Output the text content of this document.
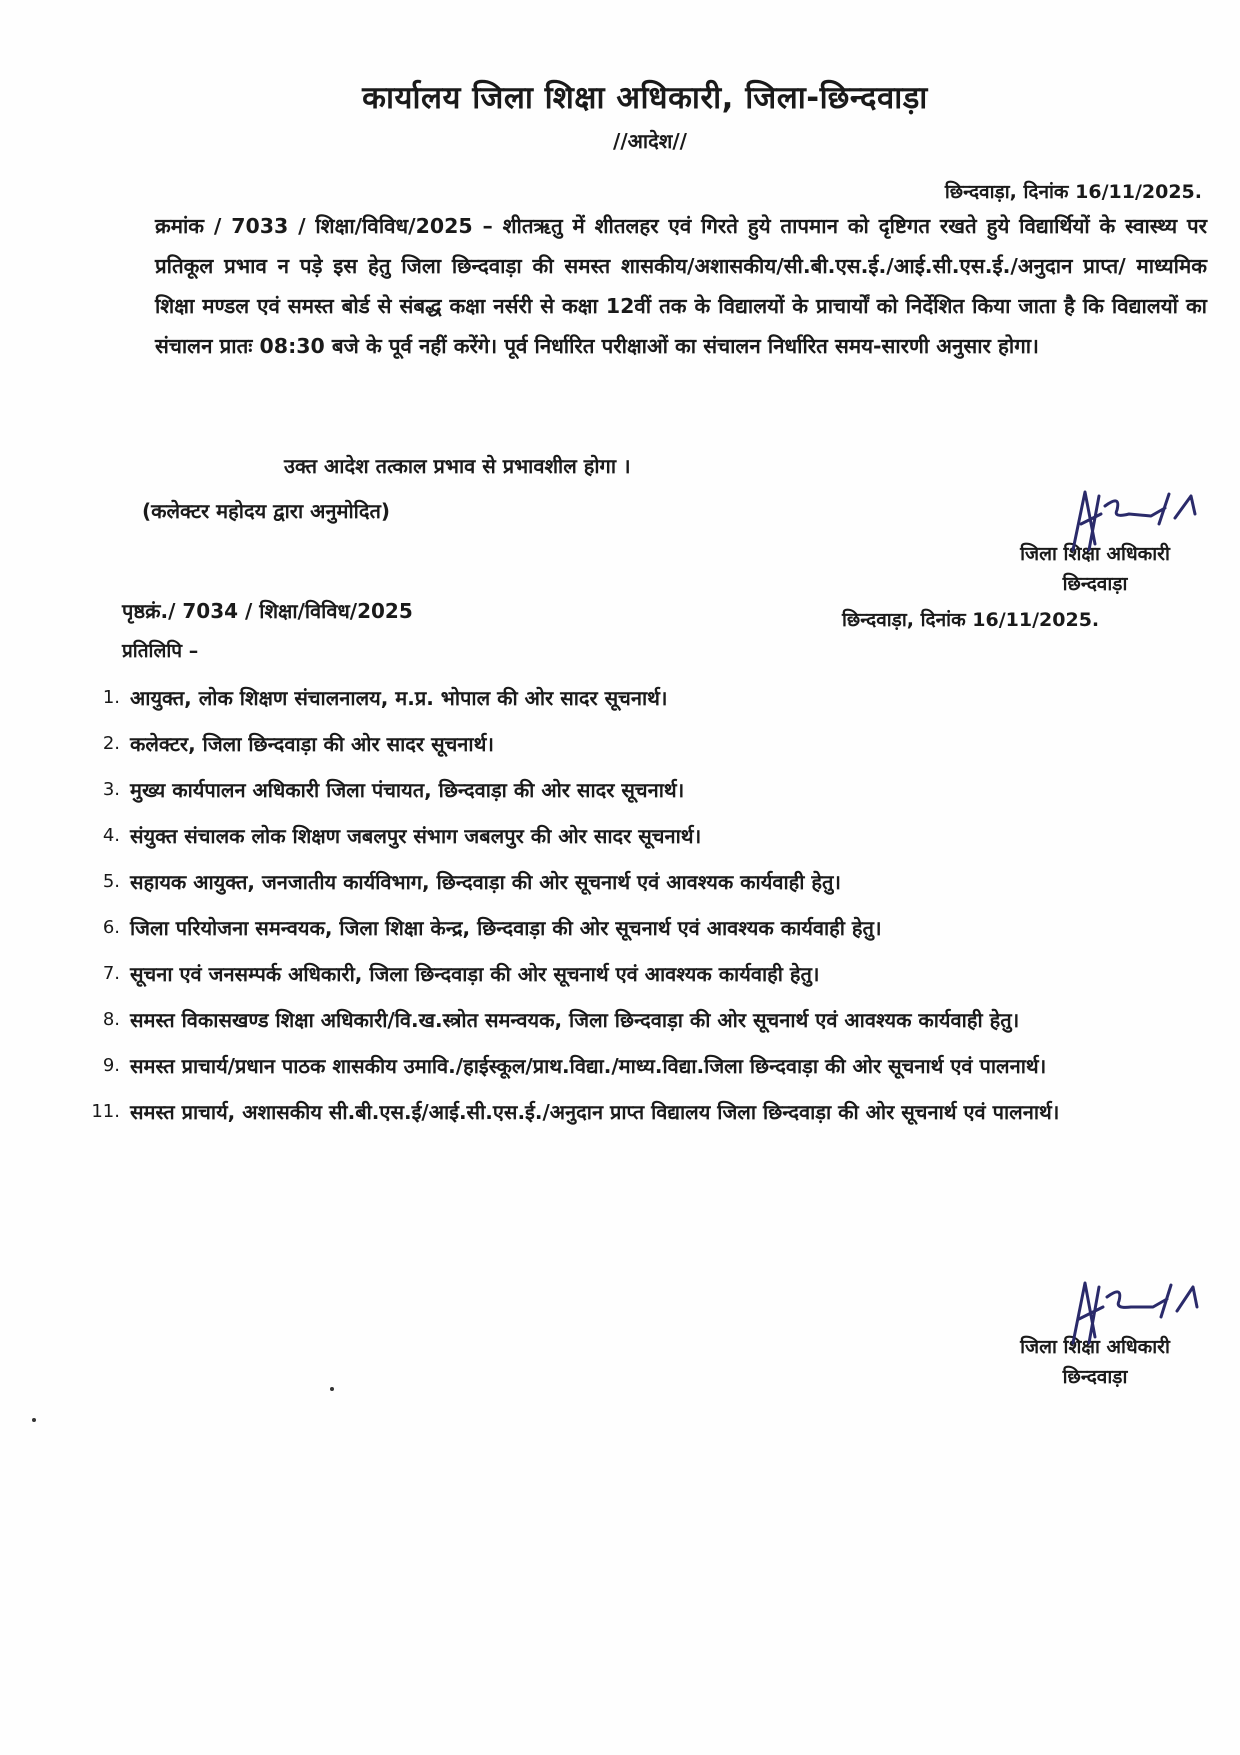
कार्यालय जिला शिक्षा अधिकारी, जिला-छिन्दवाड़ा
//आदेश//
छिन्दवाड़ा, दिनांक 16/11/2025.
क्रमांक / 7033 / शिक्षा/विविध/2025 – शीतऋतु में शीतलहर एवं गिरते हुये तापमान को दृष्टिगत रखते हुये विद्यार्थियों के स्वास्थ्य पर प्रतिकूल प्रभाव न पड़े इस हेतु जिला छिन्दवाड़ा की समस्त शासकीय/अशासकीय/सी.बी.एस.ई./आई.सी.एस.ई./अनुदान प्राप्त/ माध्यमिक शिक्षा मण्डल एवं समस्त बोर्ड से संबद्ध कक्षा नर्सरी से कक्षा 12वीं तक के विद्यालयों के प्राचार्यों को निर्देशित किया जाता है कि विद्यालयों का संचालन प्रातः 08:30 बजे के पूर्व नहीं करेंगे। पूर्व निर्धारित परीक्षाओं का संचालन निर्धारित समय-सारणी अनुसार होगा।
उक्त आदेश तत्काल प्रभाव से प्रभावशील होगा ।
(कलेक्टर महोदय द्वारा अनुमोदित)
जिला शिक्षा अधिकारी
छिन्दवाड़ा
पृष्ठक्रं./ 7034 / शिक्षा/विविध/2025	छिन्दवाड़ा, दिनांक 16/11/2025.
प्रतिलिपि –
1. आयुक्त, लोक शिक्षण संचालनालय, म.प्र. भोपाल की ओर सादर सूचनार्थ।
2. कलेक्टर, जिला छिन्दवाड़ा की ओर सादर सूचनार्थ।
3. मुख्य कार्यपालन अधिकारी जिला पंचायत, छिन्दवाड़ा की ओर सादर सूचनार्थ।
4. संयुक्त संचालक लोक शिक्षण जबलपुर संभाग जबलपुर की ओर सादर सूचनार्थ।
5. सहायक आयुक्त, जनजातीय कार्यविभाग, छिन्दवाड़ा की ओर सूचनार्थ एवं आवश्यक कार्यवाही हेतु।
6. जिला परियोजना समन्वयक, जिला शिक्षा केन्द्र, छिन्दवाड़ा की ओर सूचनार्थ एवं आवश्यक कार्यवाही हेतु।
7. सूचना एवं जनसम्पर्क अधिकारी, जिला छिन्दवाड़ा की ओर सूचनार्थ एवं आवश्यक कार्यवाही हेतु।
8. समस्त विकासखण्ड शिक्षा अधिकारी/वि.ख.स्त्रोत समन्वयक, जिला छिन्दवाड़ा की ओर सूचनार्थ एवं आवश्यक कार्यवाही हेतु।
9. समस्त प्राचार्य/प्रधान पाठक शासकीय उमावि./हाईस्कूल/प्राथ.विद्या./माध्य.विद्या.जिला छिन्दवाड़ा की ओर सूचनार्थ एवं पालनार्थ।
11. समस्त प्राचार्य, अशासकीय सी.बी.एस.ई/आई.सी.एस.ई./अनुदान प्राप्त विद्यालय जिला छिन्दवाड़ा की ओर सूचनार्थ एवं पालनार्थ।
जिला शिक्षा अधिकारी
छिन्दवाड़ा
